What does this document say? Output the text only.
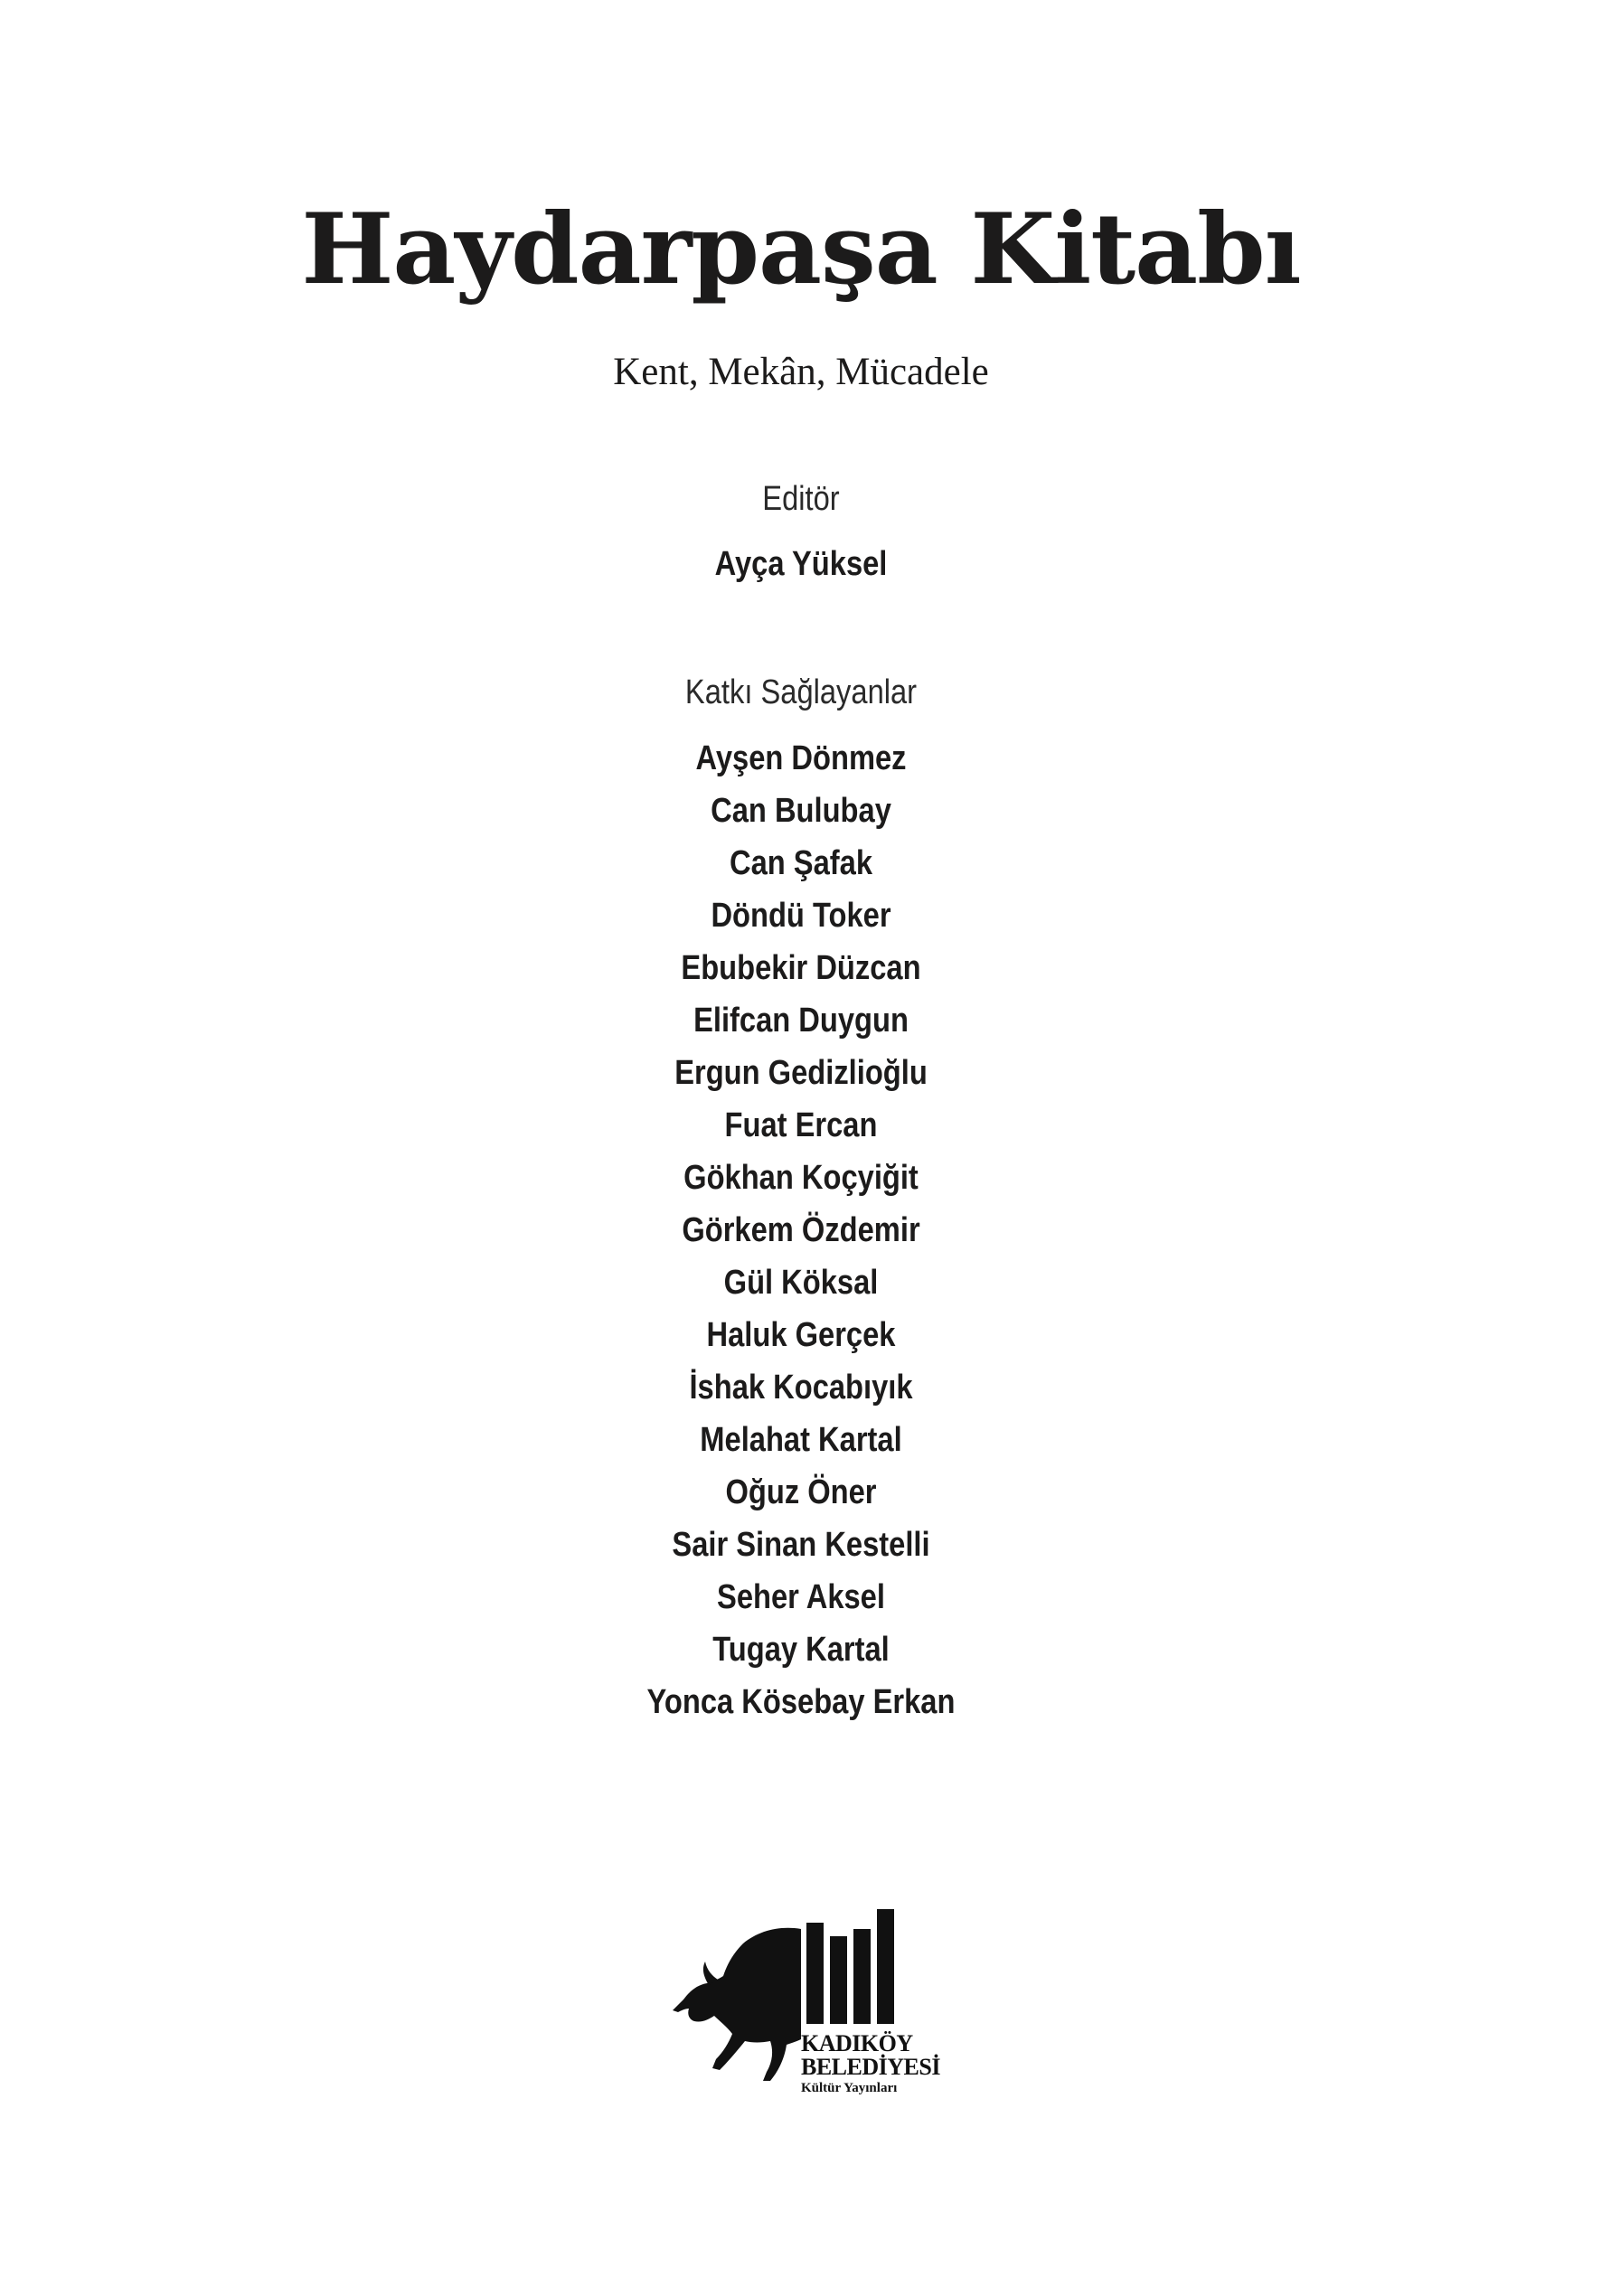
Haydarpaşa Kitabı

Kent, Mekân, Mücadele

Editör

Ayça Yüksel

Katkı Sağlayanlar

Ayşen Dönmez
Can Bulubay
Can Şafak
Döndü Toker
Ebubekir Düzcan
Elifcan Duygun
Ergun Gedizlioğlu
Fuat Ercan
Gökhan Koçyiğit
Görkem Özdemir
Gül Köksal
Haluk Gerçek
İshak Kocabıyık
Melahat Kartal
Oğuz Öner
Sair Sinan Kestelli
Seher Aksel
Tugay Kartal
Yonca Kösebay Erkan
KADIKÖY
BELEDİYESİ
Kültür Yayınları
